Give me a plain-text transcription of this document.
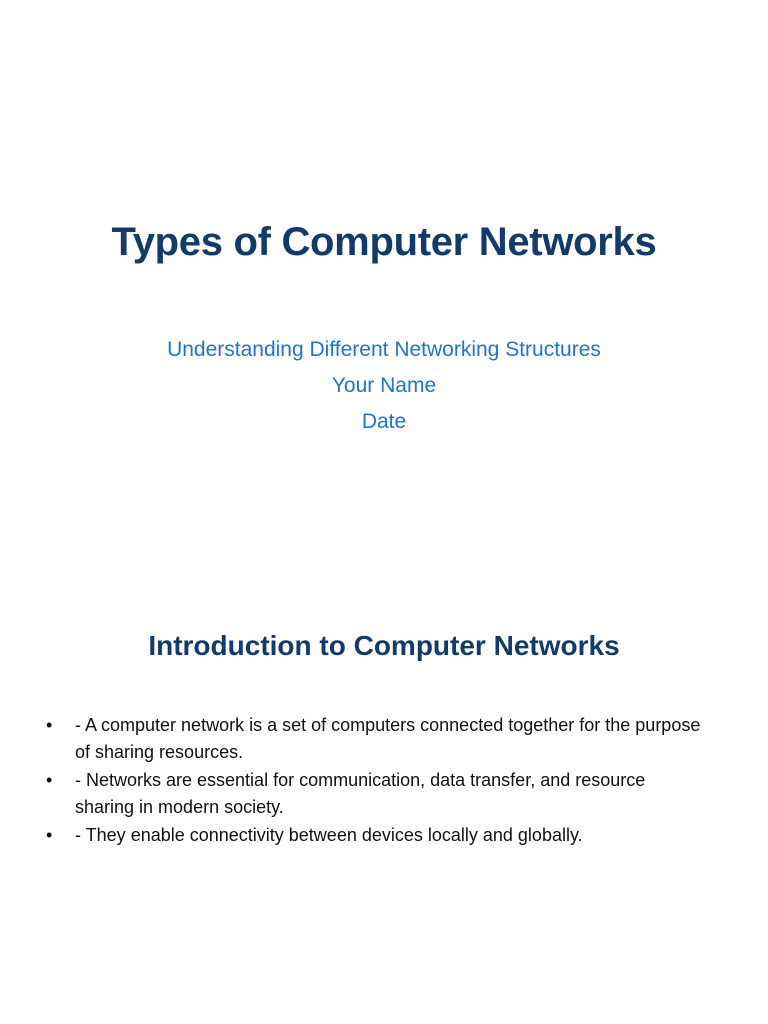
Types of Computer Networks
Understanding Different Networking Structures
Your Name
Date
Introduction to Computer Networks
•	- A computer network is a set of computers connected together for the purpose of sharing resources.
•	- Networks are essential for communication, data transfer, and resource sharing in modern society.
•	- They enable connectivity between devices locally and globally.
